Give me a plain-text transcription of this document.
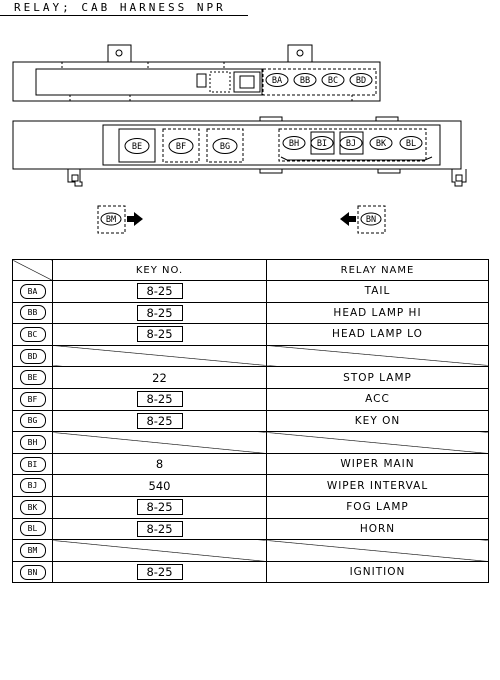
RELAY; CAB HARNESS NPR
BA BB BC BD
BE	BF	BG	BH BI BJ BK BL
BM	BN
	KEY NO.	RELAY NAME
BA	8-25	TAIL
BB	8-25	HEAD LAMP HI
BC	8-25	HEAD LAMP LO
BD		
BE	22	STOP LAMP
BF	8-25	ACC
BG	8-25	KEY ON
BH		
BI	8	WIPER MAIN
BJ	540	WIPER INTERVAL
BK	8-25	FOG LAMP
BL	8-25	HORN
BM		
BN	8-25	IGNITION
